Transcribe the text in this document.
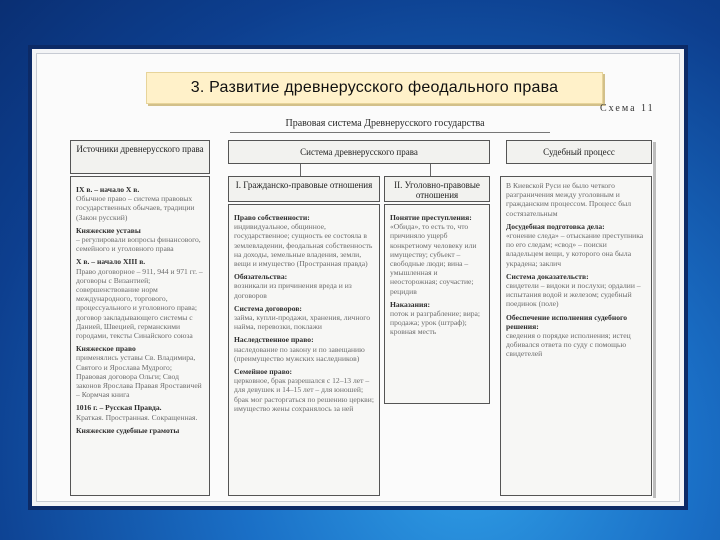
3. Развитие древнерусского феодального права
Схема 11
Правовая система Древнерусского государства
Источники древнерусского права
IX в. – начало X в.
Обычное право – система правовых государственных обычаев, традиции (Закон русский)
Княжеские уставы
– регулировали вопросы финансового, семейного и уголовного права
X в. – начало XIII в.
Право договорное – 911, 944 и 971 гг. – договоры с Византией; совершенствование норм международного, торгового, процессуального и уголовного права; договор закладывающего системы с Данией, Швецией, германскими городами, тексты Синайского союза
Княжеское право
применялись уставы Св. Владимира, Святого и Ярослава Мудрого; Правовая договора Ольги; Свод законов Ярослава Правая Яроставичей – Кормчая книга
1016 г. – Русская Правда.
Краткая. Пространная. Сокращенная.
Княжеские судебные грамоты
Система древнерусского права
I. Гражданско-правовые отношения
Право собственности:
индивидуальное, общинное, государственное; сущность ее состояла в землевладении, феодальная собственность на доходы, земельные владения, земли, вещи и имущество (Пространная правда)
Обязательства:
возникали из причинения вреда и из договоров
Система договоров:
займа, купли-продажи, хранения, личного найма, перевозки, поклажи
Наследственное право:
наследование по закону и по завещанию (преимущество мужских наследников)
Семейное право:
церковное, брак разрешался с 12–13 лет – для девушек и 14–15 лет – для юношей; брак мог расторгаться по решению церкви; имущество жены сохранялось за ней
II. Уголовно-правовые отношения
Понятие преступления:
«Обида», то есть то, что причиняло ущерб конкретному человеку или имуществу; субъект – свободные люди; вина – умышленная и неосторожная; соучастие; рецидив
Наказания:
поток и разграбление; вира; продажа; урок (штраф); кровная месть
Судебный процесс
В Киевской Руси не было четкого разграничения между уголовным и гражданским процессом. Процесс был состязательным
Досудебная подготовка дела:
«гонение следа» – отыскание преступника по его следам; «свод» – поиски владельцем вещи, у которого она была украдена; заклич
Система доказательств:
свидетели – видоки и послухи; ордалии – испытания водой и железом; судебный поединок (поле)
Обеспечение исполнения судебного решения:
сведения о порядке исполнения; истец добивался ответа по суду с помощью свидетелей
